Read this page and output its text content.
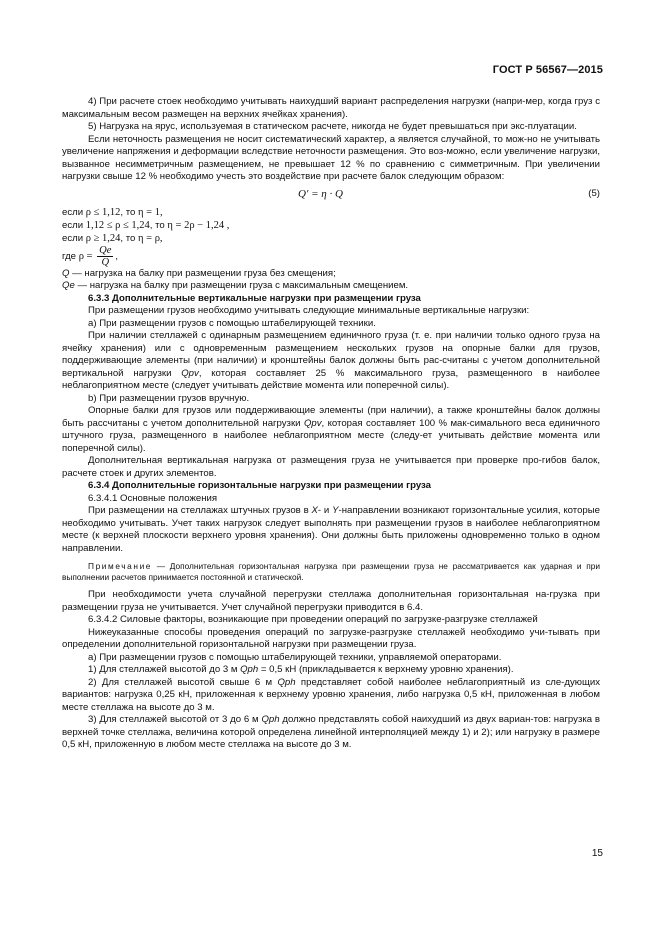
ГОСТ Р 56567—2015

4) При расчете стоек необходимо учитывать наихудший вариант распределения нагрузки (напри-мер, когда груз с максимальным весом размещен на верхних ячейках хранения).

5) Нагрузка на ярус, используемая в статическом расчете, никогда не будет превышаться при экс-плуатации.

Если неточность размещения не носит систематический характер, а является случайной, то мож-но не учитывать увеличение напряжения и деформации вследствие неточности размещения. Это воз-можно, если увеличение нагрузки, вызванное несимметричным размещением, не превышает 12 % по сравнению с симметричным. При увеличении нагрузки свыше 12 % необходимо учесть это воздействие при расчете балок следующим образом:

Q′ = η · Q	(5)

если ρ ≤ 1,12, то η = 1,

если 1,12 ≤ ρ ≤ 1,24, то η = 2ρ − 1,24 ,

если ρ ≥ 1,24, то η = ρ,

где $\rho = \frac{Qe}{Q}$ ,

Q — нагрузка на балку при размещении груза без смещения;

Qe — нагрузка на балку при размещении груза с максимальным смещением.

6.3.3 Дополнительные вертикальные нагрузки при размещении груза

При размещении грузов необходимо учитывать следующие минимальные вертикальные нагрузки:

а) При размещении грузов с помощью штабелирующей техники.

При наличии стеллажей с одинарным размещением единичного груза (т. е. при наличии только одного груза на ячейку хранения) или с одновременным размещением нескольких грузов на опорные балки для грузов, поддерживающие элементы (при наличии) и кронштейны балок должны быть рас-считаны с учетом дополнительной вертикальной нагрузки Qpv, которая составляет 25 % максимального груза, размещенного в наиболее неблагоприятном месте (следует учитывать действие момента или поперечной силы).

b) При размещении грузов вручную.

Опорные балки для грузов или поддерживающие элементы (при наличии), а также кронштейны балок должны быть рассчитаны с учетом дополнительной нагрузки Qpv, которая составляет 100 % мак-симального веса единичного штучного груза, размещенного в наиболее неблагоприятном месте (следу-ет учитывать действие момента или поперечной силы).

Дополнительная вертикальная нагрузка от размещения груза не учитывается при проверке про-гибов балок, расчете стоек и других элементов.

6.3.4 Дополнительные горизонтальные нагрузки при размещении груза

6.3.4.1 Основные положения

При размещении на стеллажах штучных грузов в X- и Y-направлении возникают горизонтальные усилия, которые необходимо учитывать. Учет таких нагрузок следует выполнять при размещении грузов в наиболее неблагоприятном месте (к верхней плоскости верхнего уровня хранения). Они должны быть приложены одновременно только в одном направлении.

Примечание — Дополнительная горизонтальная нагрузка при размещении груза не рассматривается как ударная и при выполнении расчетов принимается постоянной и статической.

При необходимости учета случайной перегрузки стеллажа дополнительная горизонтальная на-грузка при размещении груза не учитывается. Учет случайной перегрузки приводится в 6.4.

6.3.4.2 Силовые факторы, возникающие при проведении операций по загрузке-разгрузке стеллажей

Нижеуказанные способы проведения операций по загрузке-разгрузке стеллажей необходимо учи-тывать при определении дополнительной горизонтальной нагрузки при размещении груза.

а) При размещении грузов с помощью штабелирующей техники, управляемой операторами.

1) Для стеллажей высотой до 3 м Qph = 0,5 кН (прикладывается к верхнему уровню хранения).

2) Для стеллажей высотой свыше 6 м Qph представляет собой наиболее неблагоприятный из сле-дующих вариантов: нагрузка 0,25 кН, приложенная к верхнему уровню хранения, либо нагрузка 0,5 кН, приложенная в любом месте стеллажа на высоте до 3 м.

3) Для стеллажей высотой от 3 до 6 м Qph должно представлять собой наихудший из двух вариан-тов: нагрузка в верхней точке стеллажа, величина которой определена линейной интерполяцией между 1) и 2); или нагрузку в размере 0,5 кН, приложенную в любом месте стеллажа на высоте до 3 м.

15
